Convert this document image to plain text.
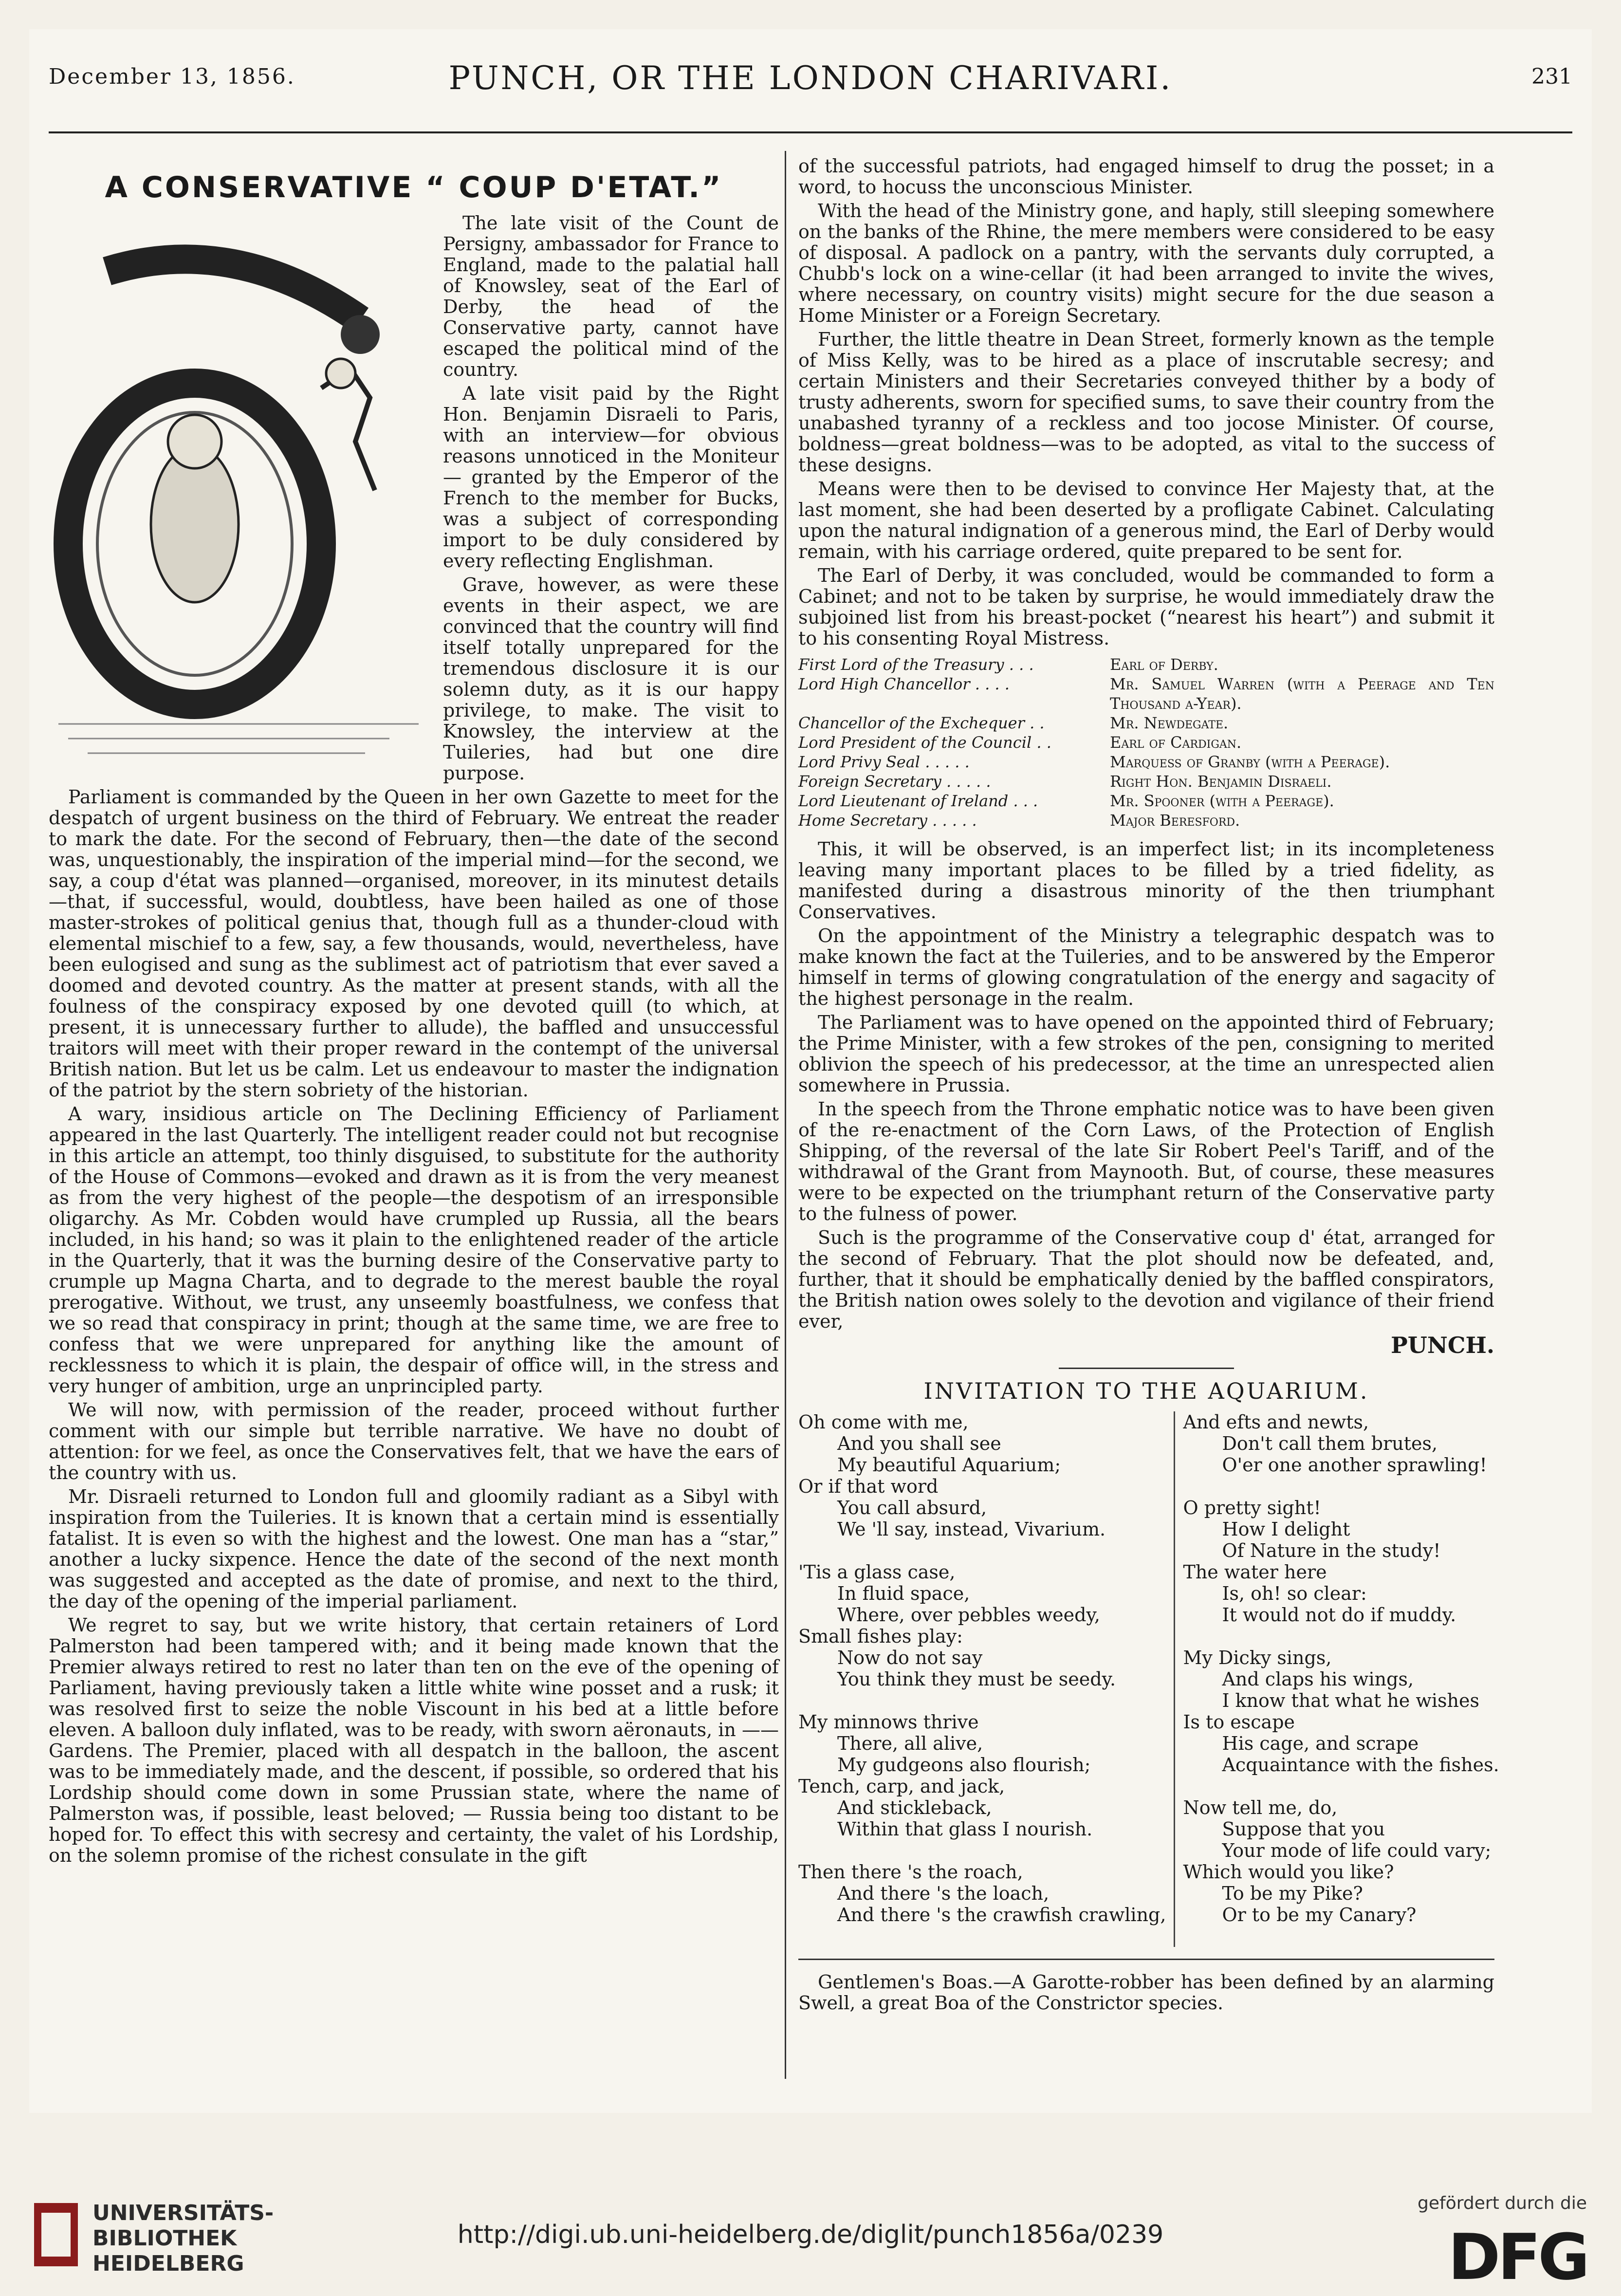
December 13, 1856.	PUNCH, OR THE LONDON CHARIVARI.	231
A CONSERVATIVE “ COUP D'ETAT.”

The late visit of the Count de Persigny, ambassador for France to England, made to the palatial hall of Knowsley, seat of the Earl of Derby, the head of the Conservative party, cannot have escaped the political mind of the country.

A late visit paid by the Right Hon. Benjamin Disraeli to Paris, with an interview—for obvious reasons unnoticed in the Moniteur — granted by the Emperor of the French to the member for Bucks, was a subject of corresponding import to be duly considered by every reflecting Englishman.

Grave, however, as were these events in their aspect, we are convinced that the country will find itself totally unprepared for the tremendous disclosure it is our solemn duty, as it is our happy privilege, to make. The visit to Knowsley, the interview at the Tuileries, had but one dire purpose.

Parliament is commanded by the Queen in her own Gazette to meet for the despatch of urgent business on the third of February. We entreat the reader to mark the date. For the second of February, then—the date of the second was, unquestionably, the inspiration of the imperial mind—for the second, we say, a coup d'état was planned—organised, moreover, in its minutest details—that, if successful, would, doubtless, have been hailed as one of those master-strokes of political genius that, though full as a thunder-cloud with elemental mischief to a few, say, a few thousands, would, nevertheless, have been eulogised and sung as the sublimest act of patriotism that ever saved a doomed and devoted country. As the matter at present stands, with all the foulness of the conspiracy exposed by one devoted quill (to which, at present, it is unnecessary further to allude), the baffled and unsuccessful traitors will meet with their proper reward in the contempt of the universal British nation. But let us be calm. Let us endeavour to master the indignation of the patriot by the stern sobriety of the historian.

A wary, insidious article on The Declining Efficiency of Parliament appeared in the last Quarterly. The intelligent reader could not but recognise in this article an attempt, too thinly disguised, to substitute for the authority of the House of Commons—evoked and drawn as it is from the very meanest as from the very highest of the people—the despotism of an irresponsible oligarchy. As Mr. Cobden would have crumpled up Russia, all the bears included, in his hand; so was it plain to the enlightened reader of the article in the Quarterly, that it was the burning desire of the Conservative party to crumple up Magna Charta, and to degrade to the merest bauble the royal prerogative. Without, we trust, any unseemly boastfulness, we confess that we so read that conspiracy in print; though at the same time, we are free to confess that we were unprepared for anything like the amount of recklessness to which it is plain, the despair of office will, in the stress and very hunger of ambition, urge an unprincipled party.

We will now, with permission of the reader, proceed without further comment with our simple but terrible narrative. We have no doubt of attention: for we feel, as once the Conservatives felt, that we have the ears of the country with us.

Mr. Disraeli returned to London full and gloomily radiant as a Sibyl with inspiration from the Tuileries. It is known that a certain mind is essentially fatalist. It is even so with the highest and the lowest. One man has a “star,” another a lucky sixpence. Hence the date of the second of the next month was suggested and accepted as the date of promise, and next to the third, the day of the opening of the imperial parliament.

We regret to say, but we write history, that certain retainers of Lord Palmerston had been tampered with; and it being made known that the Premier always retired to rest no later than ten on the eve of the opening of Parliament, having previously taken a little white wine posset and a rusk; it was resolved first to seize the noble Viscount in his bed at a little before eleven. A balloon duly inflated, was to be ready, with sworn aëronauts, in —— Gardens. The Premier, placed with all despatch in the balloon, the ascent was to be immediately made, and the descent, if possible, so ordered that his Lordship should come down in some Prussian state, where the name of Palmerston was, if possible, least beloved; — Russia being too distant to be hoped for. To effect this with secresy and certainty, the valet of his Lordship, on the solemn promise of the richest consulate in the gift

of the successful patriots, had engaged himself to drug the posset; in a word, to hocuss the unconscious Minister.

With the head of the Ministry gone, and haply, still sleeping somewhere on the banks of the Rhine, the mere members were considered to be easy of disposal. A padlock on a pantry, with the servants duly corrupted, a Chubb's lock on a wine-cellar (it had been arranged to invite the wives, where necessary, on country visits) might secure for the due season a Home Minister or a Foreign Secretary.

Further, the little theatre in Dean Street, formerly known as the temple of Miss Kelly, was to be hired as a place of inscrutable secresy; and certain Ministers and their Secretaries conveyed thither by a body of trusty adherents, sworn for specified sums, to save their country from the unabashed tyranny of a reckless and too jocose Minister. Of course, boldness—great boldness—was to be adopted, as vital to the success of these designs.

Means were then to be devised to convince Her Majesty that, at the last moment, she had been deserted by a profligate Cabinet. Calculating upon the natural indignation of a generous mind, the Earl of Derby would remain, with his carriage ordered, quite prepared to be sent for.

The Earl of Derby, it was concluded, would be commanded to form a Cabinet; and not to be taken by surprise, he would immediately draw the subjoined list from his breast-pocket (“nearest his heart”) and submit it to his consenting Royal Mistress.

First Lord of the Treasury . . .	Earl of Derby.
Lord High Chancellor . . . .	Mr. Samuel Warren (with a Peerage and Ten Thousand a-Year).
Chancellor of the Exchequer . .	Mr. Newdegate.
Lord President of the Council . .	Earl of Cardigan.
Lord Privy Seal . . . . .	Marquess of Granby (with a Peerage).
Foreign Secretary . . . . .	Right Hon. Benjamin Disraeli.
Lord Lieutenant of Ireland . . .	Mr. Spooner (with a Peerage).
Home Secretary . . . . .	Major Beresford.

This, it will be observed, is an imperfect list; in its incompleteness leaving many important places to be filled by a tried fidelity, as manifested during a disastrous minority of the then triumphant Conservatives.

On the appointment of the Ministry a telegraphic despatch was to make known the fact at the Tuileries, and to be answered by the Emperor himself in terms of glowing congratulation of the energy and sagacity of the highest personage in the realm.

The Parliament was to have opened on the appointed third of February; the Prime Minister, with a few strokes of the pen, consigning to merited oblivion the speech of his predecessor, at the time an unrespected alien somewhere in Prussia.

In the speech from the Throne emphatic notice was to have been given of the re-enactment of the Corn Laws, of the Protection of English Shipping, of the reversal of the late Sir Robert Peel's Tariff, and of the withdrawal of the Grant from Maynooth. But, of course, these measures were to be expected on the triumphant return of the Conservative party to the fulness of power.

Such is the programme of the Conservative coup d' état, arranged for the second of February. That the plot should now be defeated, and, further, that it should be emphatically denied by the baffled conspirators, the British nation owes solely to the devotion and vigilance of their friend ever,

PUNCH.
INVITATION TO THE AQUARIUM.
Oh come with me,
And you shall see
My beautiful Aquarium;
Or if that word
You call absurd,
We 'll say, instead, Vivarium.
'Tis a glass case,
In fluid space,
Where, over pebbles weedy,
Small fishes play:
Now do not say
You think they must be seedy.
My minnows thrive
There, all alive,
My gudgeons also flourish;
Tench, carp, and jack,
And stickleback,
Within that glass I nourish.
Then there 's the roach,
And there 's the loach,
And there 's the crawfish crawling,
And efts and newts,
Don't call them brutes,
O'er one another sprawling!
O pretty sight!
How I delight
Of Nature in the study!
The water here
Is, oh! so clear:
It would not do if muddy.
My Dicky sings,
And claps his wings,
I know that what he wishes
Is to escape
His cage, and scrape
Acquaintance with the fishes.
Now tell me, do,
Suppose that you
Your mode of life could vary;
Which would you like?
To be my Pike?
Or to be my Canary?

Gentlemen's Boas.—A Garotte-robber has been defined by an alarming Swell, a great Boa of the Constrictor species.

UNIVERSITÄTS-
BIBLIOTHEK
HEIDELBERG
http://digi.ub.uni-heidelberg.de/diglit/punch1856a/0239
gefördert durch die
DFG
